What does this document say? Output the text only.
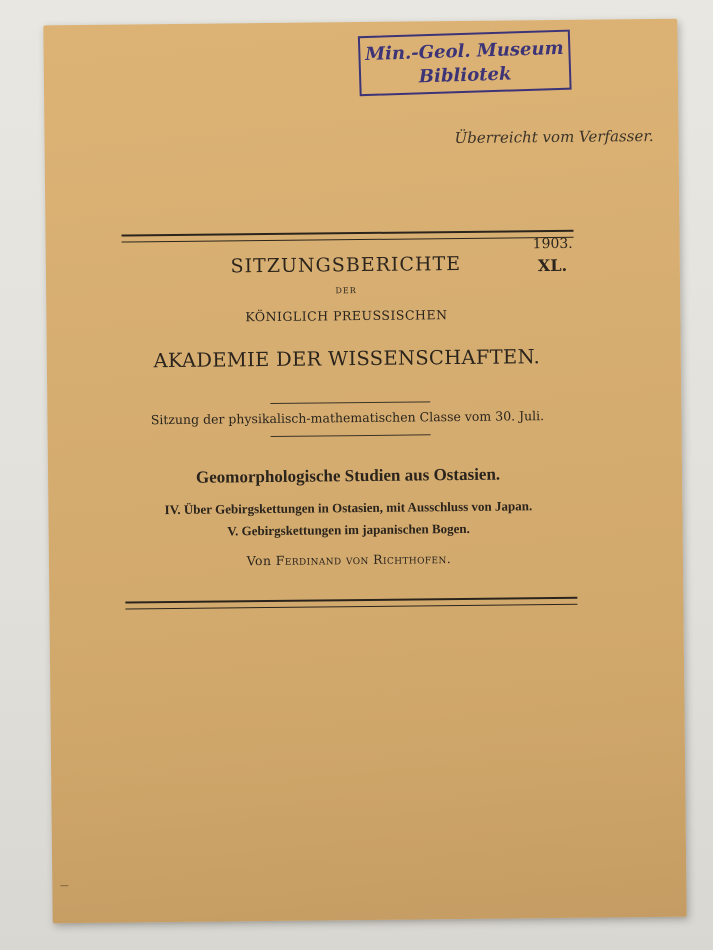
Min.-Geol. Museum
Bibliotek
Überreicht vom Verfasser.
1903.
XL.
SITZUNGSBERICHTE
DER
KÖNIGLICH PREUSSISCHEN
AKADEMIE DER WISSENSCHAFTEN.
Sitzung der physikalisch-mathematischen Classe vom 30. Juli.
Geomorphologische Studien aus Ostasien.
IV. Über Gebirgskettungen in Ostasien, mit Ausschluss von Japan.
V. Gebirgskettungen im japanischen Bogen.
Von Ferdinand von Richthofen.
